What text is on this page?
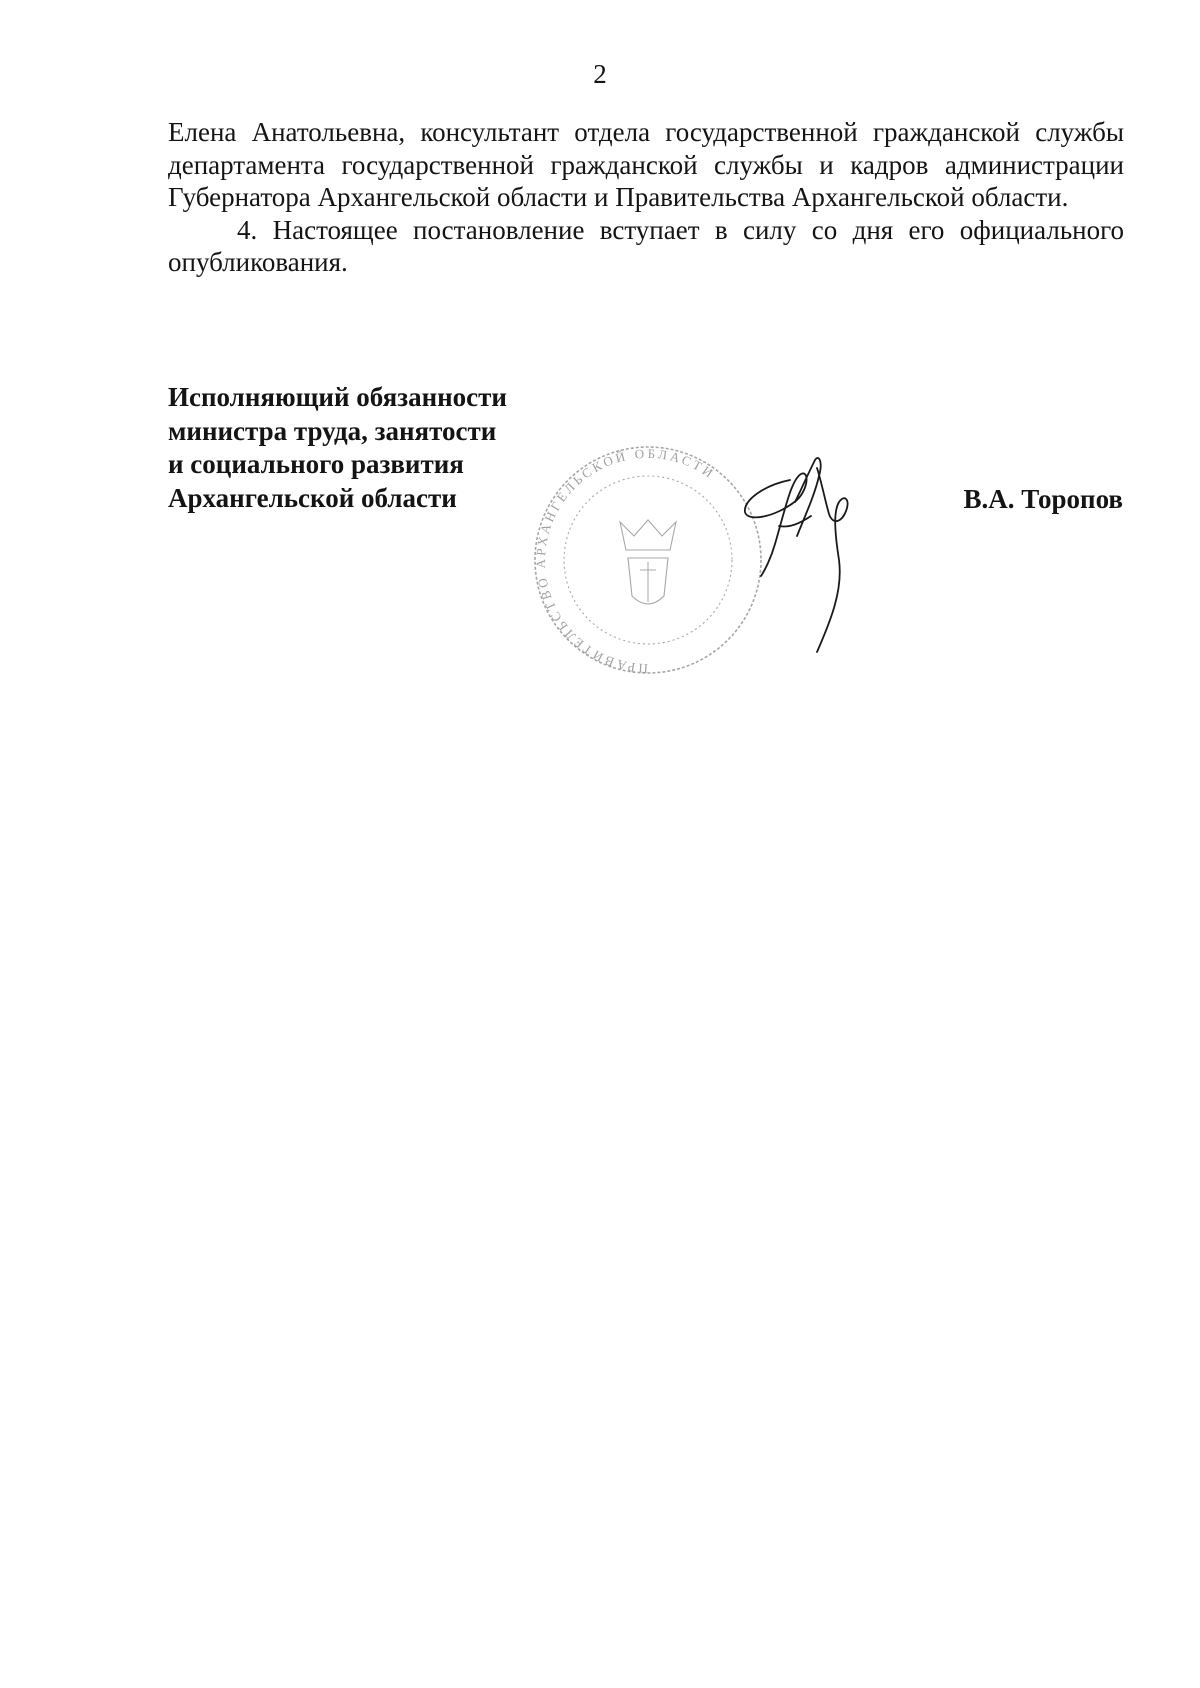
2

Елена Анатольевна, консультант отдела государственной гражданской службы департамента государственной гражданской службы и кадров администрации Губернатора Архангельской области и Правительства Архангельской области.

4. Настоящее постановление вступает в силу со дня его официального опубликования.

Исполняющий обязанности
министра труда, занятости
и социального развития
Архангельской области
ПРАВИТЕЛЬСТВО АРХАНГЕЛЬСКОЙ ОБЛАСТИ
В.А. Торопов
